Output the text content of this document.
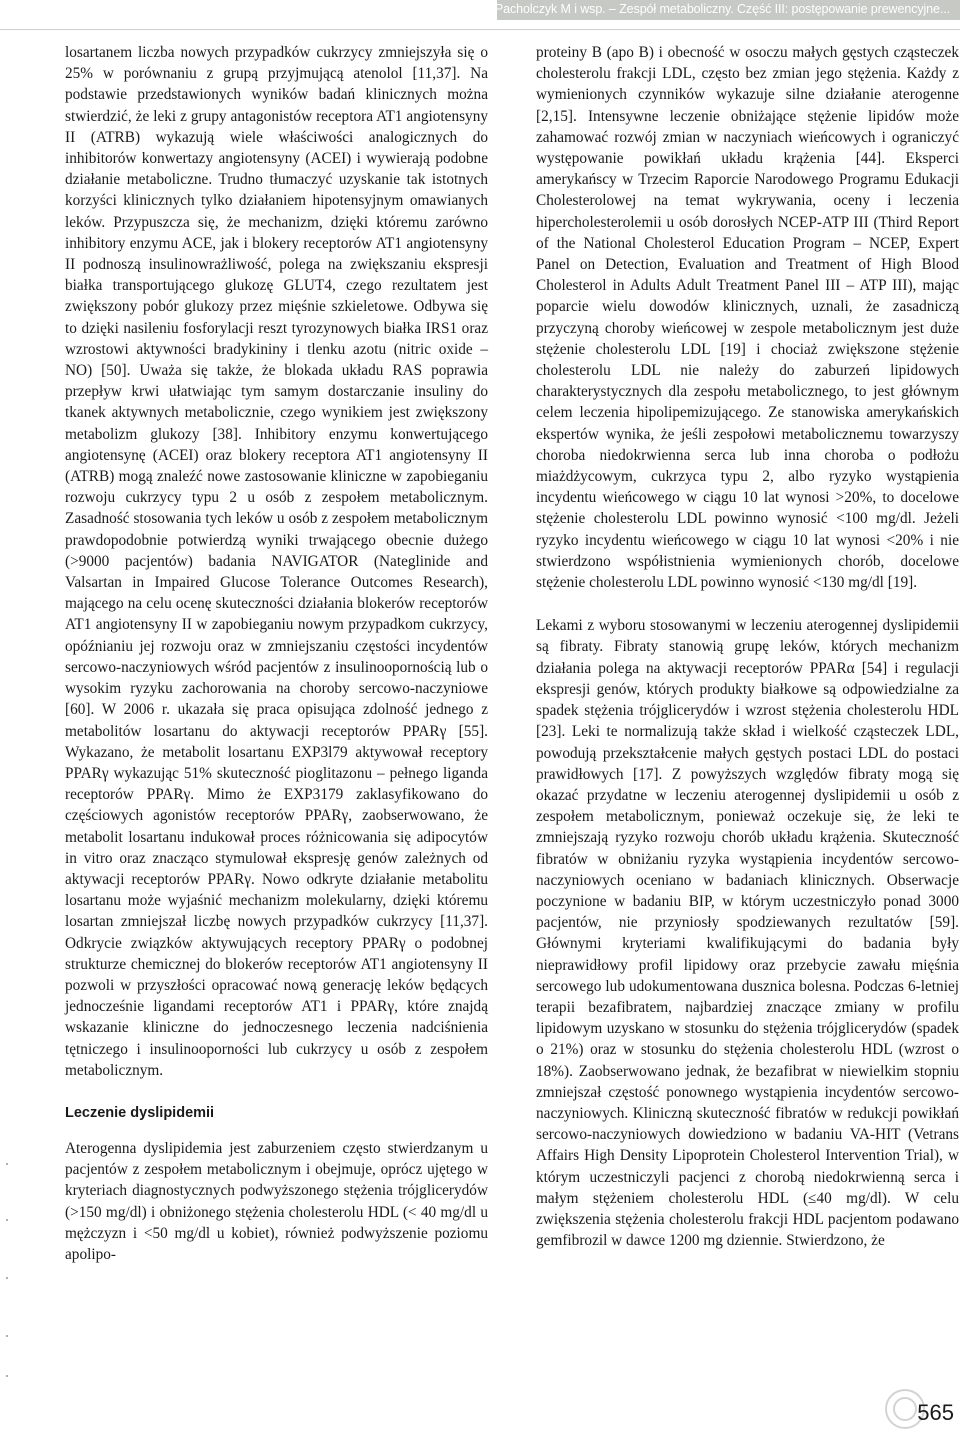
Pacholczyk M i wsp. – Zespół metaboliczny. Część III: postępowanie prewencyjne...

losartanem liczba nowych przypadków cukrzycy zmniejszyła się o 25% w porównaniu z grupą przyjmującą atenolol [11,37]. Na podstawie przedstawionych wyników badań klinicznych można stwierdzić, że leki z grupy antagonistów receptora AT1 angiotensyny II (ATRB) wykazują wiele właściwości analogicznych do inhibitorów konwertazy angiotensyny (ACEI) i wywierają podobne działanie metaboliczne. Trudno tłumaczyć uzyskanie tak istotnych korzyści klinicznych tylko działaniem hipotensyjnym omawianych leków. Przypuszcza się, że mechanizm, dzięki któremu zarówno inhibitory enzymu ACE, jak i blokery receptorów AT1 angiotensyny II podnoszą insulinowrażliwość, polega na zwiększaniu ekspresji białka transportującego glukozę GLUT4, czego rezultatem jest zwiększony pobór glukozy przez mięśnie szkieletowe. Odbywa się to dzięki nasileniu fosforylacji reszt tyrozynowych białka IRS1 oraz wzrostowi aktywności bradykininy i tlenku azotu (nitric oxide – NO) [50]. Uważa się także, że blokada układu RAS poprawia przepływ krwi ułatwiając tym samym dostarczanie insuliny do tkanek aktywnych metabolicznie, czego wynikiem jest zwiększony metabolizm glukozy [38]. Inhibitory enzymu konwertującego angiotensynę (ACEI) oraz blokery receptora AT1 angiotensyny II (ATRB) mogą znaleźć nowe zastosowanie kliniczne w zapobieganiu rozwoju cukrzycy typu 2 u osób z zespołem metabolicznym. Zasadność stosowania tych leków u osób z zespołem metabolicznym prawdopodobnie potwierdzą wyniki trwającego obecnie dużego (>9000 pacjentów) badania NAVIGATOR (Nateglinide and Valsartan in Impaired Glucose Tolerance Outcomes Research), mającego na celu ocenę skuteczności działania blokerów receptorów AT1 angiotensyny II w zapobieganiu nowym przypadkom cukrzycy, opóźnianiu jej rozwoju oraz w zmniejszaniu częstości incydentów sercowo-naczyniowych wśród pacjentów z insulinoopornością lub o wysokim ryzyku zachorowania na choroby sercowo-naczyniowe [60]. W 2006 r. ukazała się praca opisująca zdolność jednego z metabolitów losartanu do aktywacji receptorów PPARγ [55]. Wykazano, że metabolit losartanu EXP3l79 aktywował receptory PPARγ wykazując 51% skuteczność pioglitazonu – pełnego liganda receptorów PPARγ. Mimo że EXP3179 zaklasyfikowano do częściowych agonistów receptorów PPARγ, zaobserwowano, że metabolit losartanu indukował proces różnicowania się adipocytów in vitro oraz znacząco stymulował ekspresję genów zależnych od aktywacji receptorów PPARγ. Nowo odkryte działanie metabolitu losartanu może wyjaśnić mechanizm molekularny, dzięki któremu losartan zmniejszał liczbę nowych przypadków cukrzycy [11,37]. Odkrycie związków aktywujących receptory PPARγ o podobnej strukturze chemicznej do blokerów receptorów AT1 angiotensyny II pozwoli w przyszłości opracować nową generację leków będących jednocześnie ligandami receptorów AT1 i PPARγ, które znajdą wskazanie kliniczne do jednoczesnego leczenia nadciśnienia tętniczego i insulinooporności lub cukrzycy u osób z zespołem metabolicznym.

Leczenie dyslipidemii

Aterogenna dyslipidemia jest zaburzeniem często stwierdzanym u pacjentów z zespołem metabolicznym i obejmuje, oprócz ujętego w kryteriach diagnostycznych podwyższonego stężenia trójglicerydów (>150 mg/dl) i obniżonego stężenia cholesterolu HDL (< 40 mg/dl u mężczyzn i <50 mg/dl u kobiet), również podwyższenie poziomu apolipo-

proteiny B (apo B) i obecność w osoczu małych gęstych cząsteczek cholesterolu frakcji LDL, często bez zmian jego stężenia. Każdy z wymienionych czynników wykazuje silne działanie aterogenne [2,15]. Intensywne leczenie obniżające stężenie lipidów może zahamować rozwój zmian w naczyniach wieńcowych i ograniczyć występowanie powikłań układu krążenia [44]. Eksperci amerykańscy w Trzecim Raporcie Narodowego Programu Edukacji Cholesterolowej na temat wykrywania, oceny i leczenia hipercholesterolemii u osób dorosłych NCEP-ATP III (Third Report of the National Cholesterol Education Program – NCEP, Expert Panel on Detection, Evaluation and Treatment of High Blood Cholesterol in Adults Adult Treatment Panel III – ATP III), mając poparcie wielu dowodów klinicznych, uznali, że zasadniczą przyczyną choroby wieńcowej w zespole metabolicznym jest duże stężenie cholesterolu LDL [19] i chociaż zwiększone stężenie cholesterolu LDL nie należy do zaburzeń lipidowych charakterystycznych dla zespołu metabolicznego, to jest głównym celem leczenia hipolipemizującego. Ze stanowiska amerykańskich ekspertów wynika, że jeśli zespołowi metabolicznemu towarzyszy choroba niedokrwienna serca lub inna choroba o podłożu miażdżycowym, cukrzyca typu 2, albo ryzyko wystąpienia incydentu wieńcowego w ciągu 10 lat wynosi >20%, to docelowe stężenie cholesterolu LDL powinno wynosić <100 mg/dl. Jeżeli ryzyko incydentu wieńcowego w ciągu 10 lat wynosi <20% i nie stwierdzono współistnienia wymienionych chorób, docelowe stężenie cholesterolu LDL powinno wynosić <130 mg/dl [19].

Lekami z wyboru stosowanymi w leczeniu aterogennej dyslipidemii są fibraty. Fibraty stanowią grupę leków, których mechanizm działania polega na aktywacji receptorów PPARα [54] i regulacji ekspresji genów, których produkty białkowe są odpowiedzialne za spadek stężenia trójglicerydów i wzrost stężenia cholesterolu HDL [23]. Leki te normalizują także skład i wielkość cząsteczek LDL, powodują przekształcenie małych gęstych postaci LDL do postaci prawidłowych [17]. Z powyższych względów fibraty mogą się okazać przydatne w leczeniu aterogennej dyslipidemii u osób z zespołem metabolicznym, ponieważ oczekuje się, że leki te zmniejszają ryzyko rozwoju chorób układu krążenia. Skuteczność fibratów w obniżaniu ryzyka wystąpienia incydentów sercowo-naczyniowych oceniano w badaniach klinicznych. Obserwacje poczynione w badaniu BIP, w którym uczestniczyło ponad 3000 pacjentów, nie przyniosły spodziewanych rezultatów [59]. Głównymi kryteriami kwalifikującymi do badania były nieprawidłowy profil lipidowy oraz przebycie zawału mięśnia sercowego lub udokumentowana dusznica bolesna. Podczas 6-letniej terapii bezafibratem, najbardziej znaczące zmiany w profilu lipidowym uzyskano w stosunku do stężenia trójglicerydów (spadek o 21%) oraz w stosunku do stężenia cholesterolu HDL (wzrost o 18%). Zaobserwowano jednak, że bezafibrat w niewielkim stopniu zmniejszał częstość ponownego wystąpienia incydentów sercowo-naczyniowych. Kliniczną skuteczność fibratów w redukcji powikłań sercowo-naczyniowych dowiedziono w badaniu VA-HIT (Vetrans Affairs High Density Lipoprotein Cholesterol Intervention Trial), w którym uczestniczyli pacjenci z chorobą niedokrwienną serca i małym stężeniem cholesterolu HDL (≤40 mg/dl). W celu zwiększenia stężenia cholesterolu frakcji HDL pacjentom podawano gemfibrozil w dawce 1200 mg dziennie. Stwierdzono, że

565
